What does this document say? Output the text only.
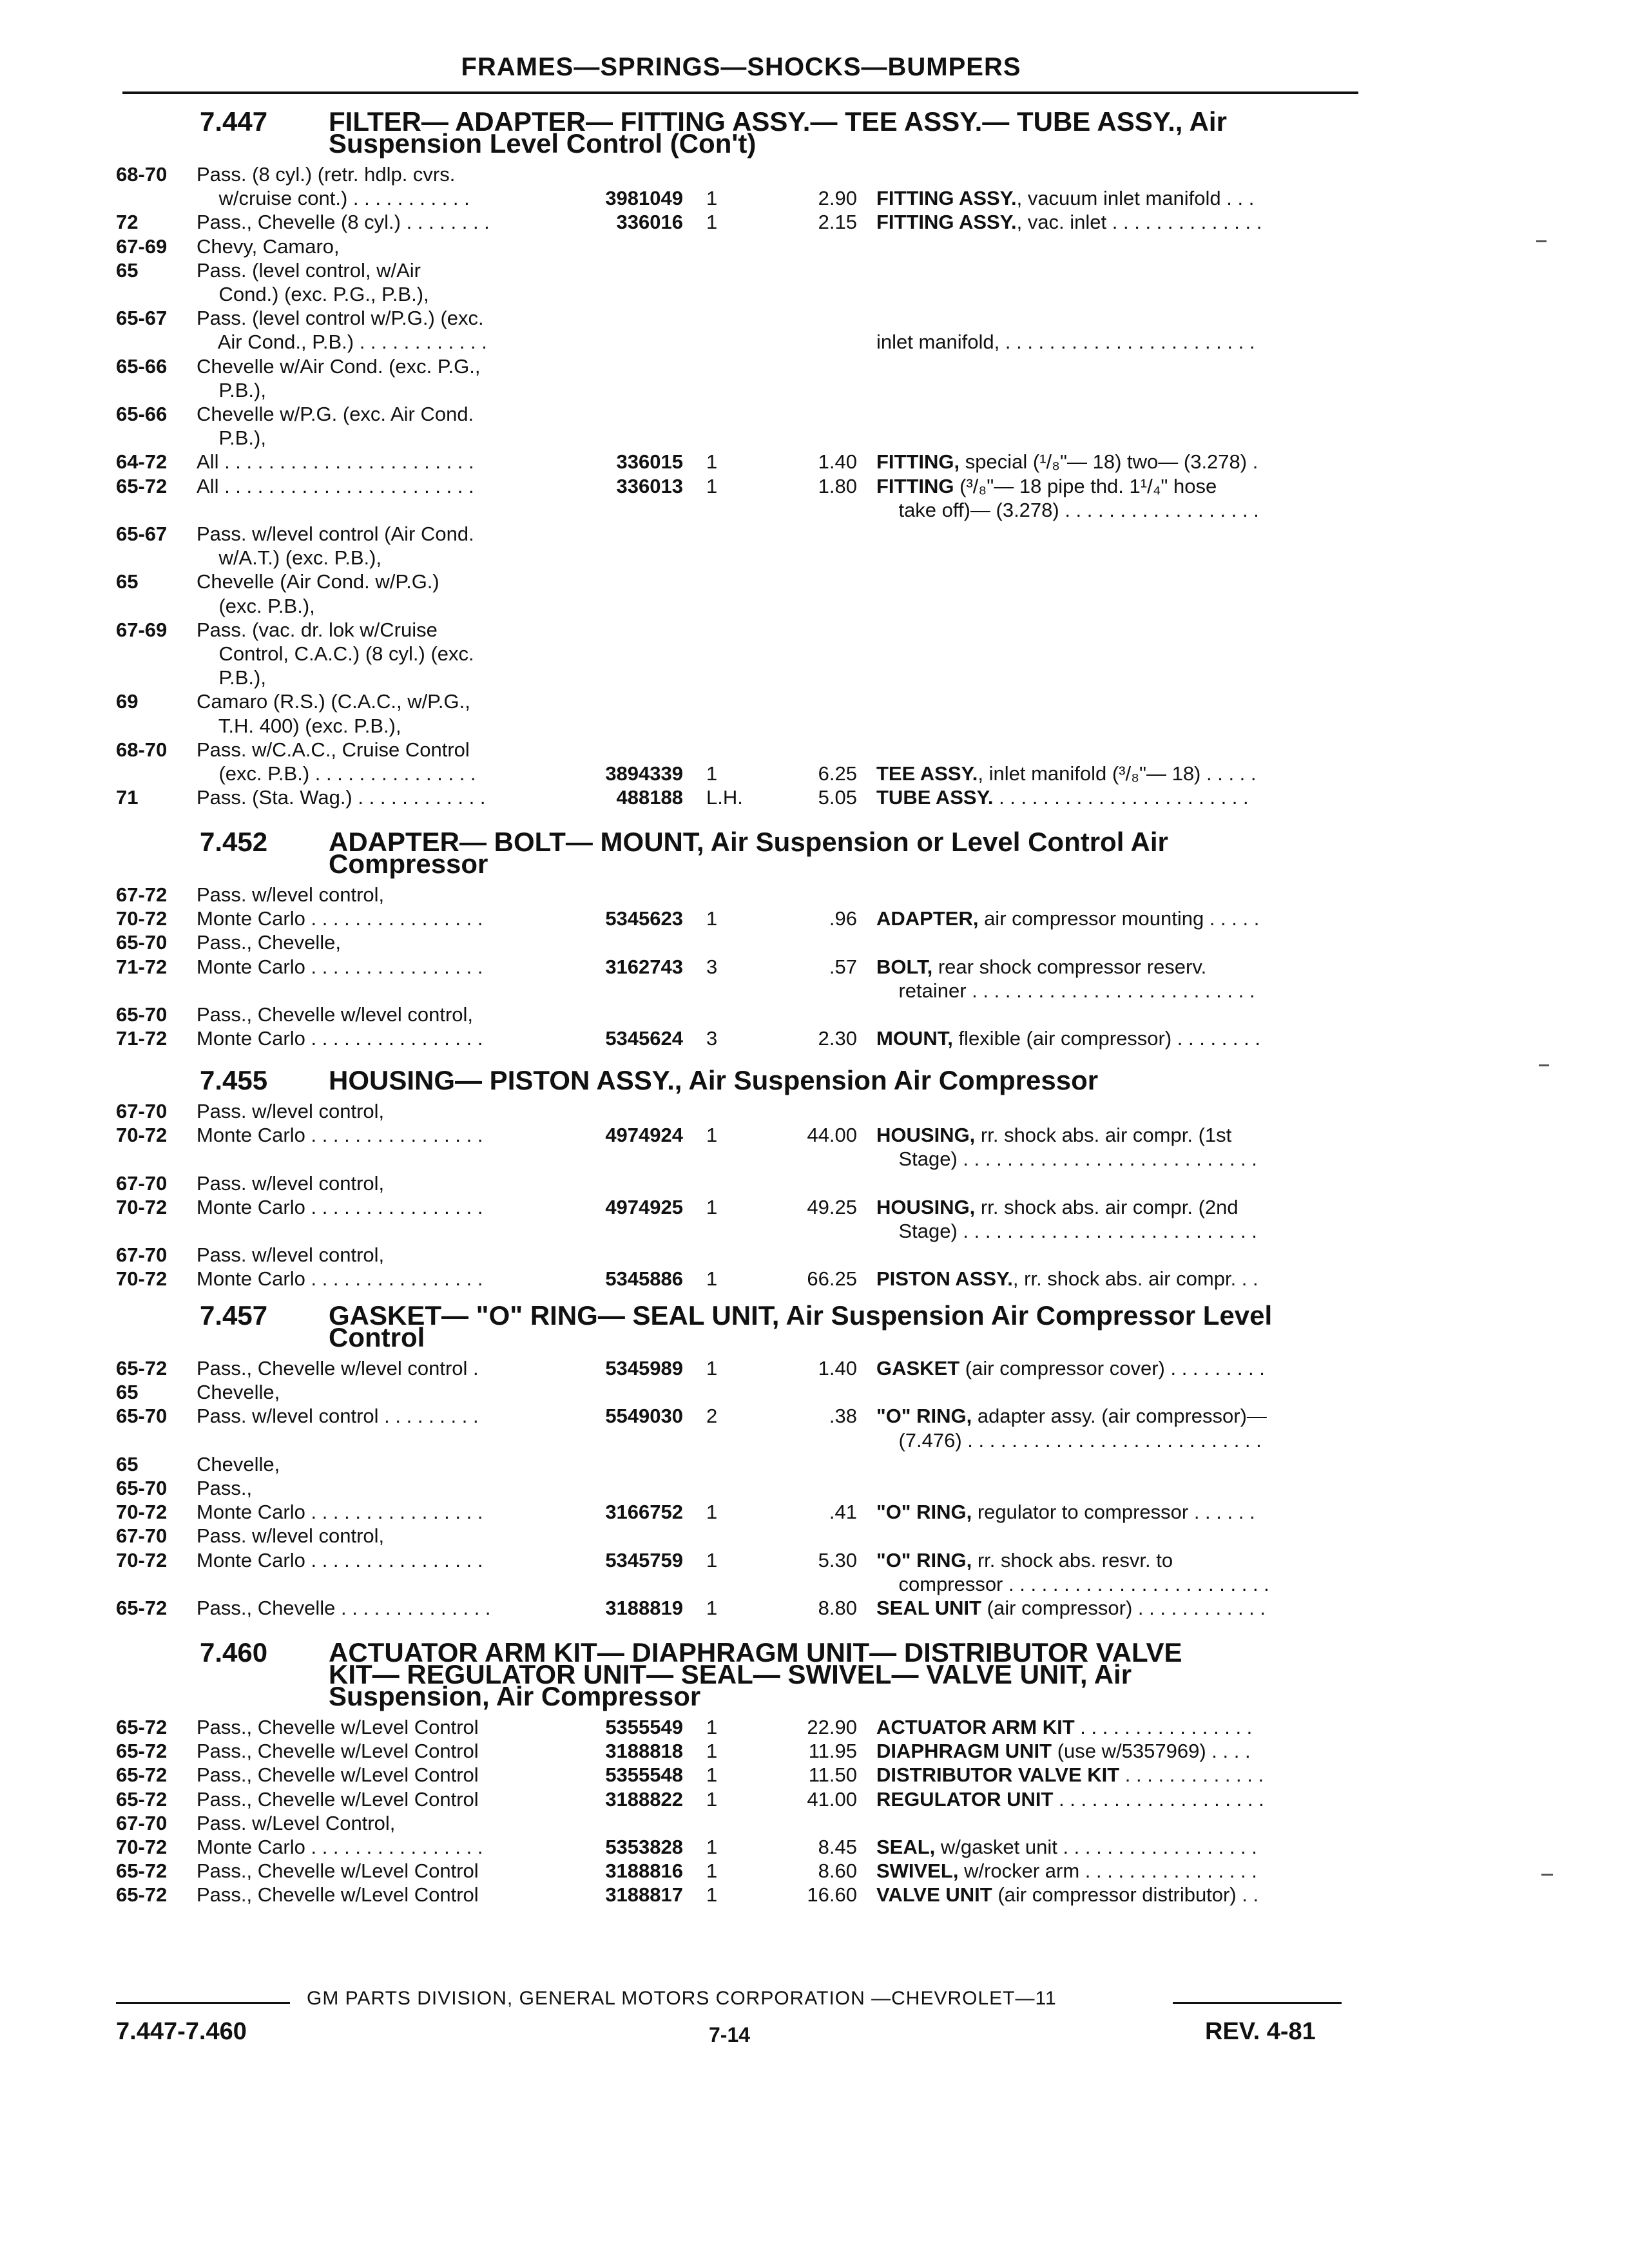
FRAMES—SPRINGS—SHOCKS—BUMPERS
7.447 FILTER— ADAPTER— FITTING ASSY.— TEE ASSY.— TUBE ASSY., Air
Suspension Level Control (Con't)
68-70	Pass. (8 cyl.) (retr. hdlp. cvrs.
w/cruise cont.) . . . . . . . . . . .	3981049 1	2.90 FITTING ASSY., vacuum inlet manifold . . .
72	Pass., Chevelle (8 cyl.) . . . . . . . .	336016 1	2.15 FITTING ASSY., vac. inlet . . . . . . . . . . . . . .
67-69	Chevy, Camaro,
65	Pass. (level control, w/Air
Cond.) (exc. P.G., P.B.),
65-67	Pass. (level control w/P.G.) (exc.
Air Cond., P.B.) . . . . . . . . . . . .	inlet manifold, . . . . . . . . . . . . . . . . . . . . . . .
65-66	Chevelle w/Air Cond. (exc. P.G.,
P.B.),
65-66	Chevelle w/P.G. (exc. Air Cond.
P.B.),
64-72	All . . . . . . . . . . . . . . . . . . . . . . .	336015 1	1.40 FITTING, special (¹/₈"— 18) two— (3.278) .
65-72	All . . . . . . . . . . . . . . . . . . . . . . .	336013 1	1.80 FITTING (³/₈"— 18 pipe thd. 1¹/₄" hose
take off)— (3.278) . . . . . . . . . . . . . . . . . .
65-67	Pass. w/level control (Air Cond.
w/A.T.) (exc. P.B.),
65	Chevelle (Air Cond. w/P.G.)
(exc. P.B.),
67-69	Pass. (vac. dr. lok w/Cruise
Control, C.A.C.) (8 cyl.) (exc.
P.B.),
69	Camaro (R.S.) (C.A.C., w/P.G.,
T.H. 400) (exc. P.B.),
68-70	Pass. w/C.A.C., Cruise Control
(exc. P.B.) . . . . . . . . . . . . . . .	3894339 1	6.25 TEE ASSY., inlet manifold (³/₈"— 18) . . . . .
71	Pass. (Sta. Wag.) . . . . . . . . . . . .	488188 L.H.	5.05 TUBE ASSY. . . . . . . . . . . . . . . . . . . . . . . .
7.452 ADAPTER— BOLT— MOUNT, Air Suspension or Level Control Air
Compressor
67-72	Pass. w/level control,
70-72	Monte Carlo . . . . . . . . . . . . . . . .	5345623 1	.96 ADAPTER, air compressor mounting . . . . .
65-70	Pass., Chevelle,
71-72	Monte Carlo . . . . . . . . . . . . . . . .	3162743 3	.57 BOLT, rear shock compressor reserv.
retainer . . . . . . . . . . . . . . . . . . . . . . . . . .
65-70	Pass., Chevelle w/level control,
71-72	Monte Carlo . . . . . . . . . . . . . . . .	5345624 3	2.30 MOUNT, flexible (air compressor) . . . . . . . .
7.455 HOUSING— PISTON ASSY., Air Suspension Air Compressor
67-70	Pass. w/level control,
70-72	Monte Carlo . . . . . . . . . . . . . . . .	4974924 1	44.00 HOUSING, rr. shock abs. air compr. (1st
Stage) . . . . . . . . . . . . . . . . . . . . . . . . . . .
67-70	Pass. w/level control,
70-72	Monte Carlo . . . . . . . . . . . . . . . .	4974925 1	49.25 HOUSING, rr. shock abs. air compr. (2nd
Stage) . . . . . . . . . . . . . . . . . . . . . . . . . . .
67-70	Pass. w/level control,
70-72	Monte Carlo . . . . . . . . . . . . . . . .	5345886 1	66.25 PISTON ASSY., rr. shock abs. air compr. . .
7.457 GASKET— "O" RING— SEAL UNIT, Air Suspension Air Compressor Level
Control
65-72	Pass., Chevelle w/level control .	5345989 1	1.40 GASKET (air compressor cover) . . . . . . . . .
65	Chevelle,
65-70	Pass. w/level control . . . . . . . . .	5549030 2	.38 "O" RING, adapter assy. (air compressor)—
(7.476) . . . . . . . . . . . . . . . . . . . . . . . . . . .
65	Chevelle,
65-70	Pass.,
70-72	Monte Carlo . . . . . . . . . . . . . . . .	3166752 1	.41 "O" RING, regulator to compressor . . . . . .
67-70	Pass. w/level control,
70-72	Monte Carlo . . . . . . . . . . . . . . . .	5345759 1	5.30 "O" RING, rr. shock abs. resvr. to
compressor . . . . . . . . . . . . . . . . . . . . . . . .
65-72	Pass., Chevelle . . . . . . . . . . . . . .	3188819 1	8.80 SEAL UNIT (air compressor) . . . . . . . . . . . .
7.460 ACTUATOR ARM KIT— DIAPHRAGM UNIT— DISTRIBUTOR VALVE
KIT— REGULATOR UNIT— SEAL— SWIVEL— VALVE UNIT, Air
Suspension, Air Compressor
65-72	Pass., Chevelle w/Level Control	5355549 1	22.90 ACTUATOR ARM KIT . . . . . . . . . . . . . . . .
65-72	Pass., Chevelle w/Level Control	3188818 1	11.95 DIAPHRAGM UNIT (use w/5357969) . . . .
65-72	Pass., Chevelle w/Level Control	5355548 1	11.50 DISTRIBUTOR VALVE KIT . . . . . . . . . . . . .
65-72	Pass., Chevelle w/Level Control	3188822 1	41.00 REGULATOR UNIT . . . . . . . . . . . . . . . . . . .
67-70	Pass. w/Level Control,
70-72	Monte Carlo . . . . . . . . . . . . . . . .	5353828 1	8.45 SEAL, w/gasket unit . . . . . . . . . . . . . . . . . .
65-72	Pass., Chevelle w/Level Control	3188816 1	8.60 SWIVEL, w/rocker arm . . . . . . . . . . . . . . . .
65-72	Pass., Chevelle w/Level Control	3188817 1	16.60 VALVE UNIT (air compressor distributor) . .
GM PARTS DIVISION, GENERAL MOTORS CORPORATION —CHEVROLET—11
7.447-7.460	7-14	REV. 4-81
